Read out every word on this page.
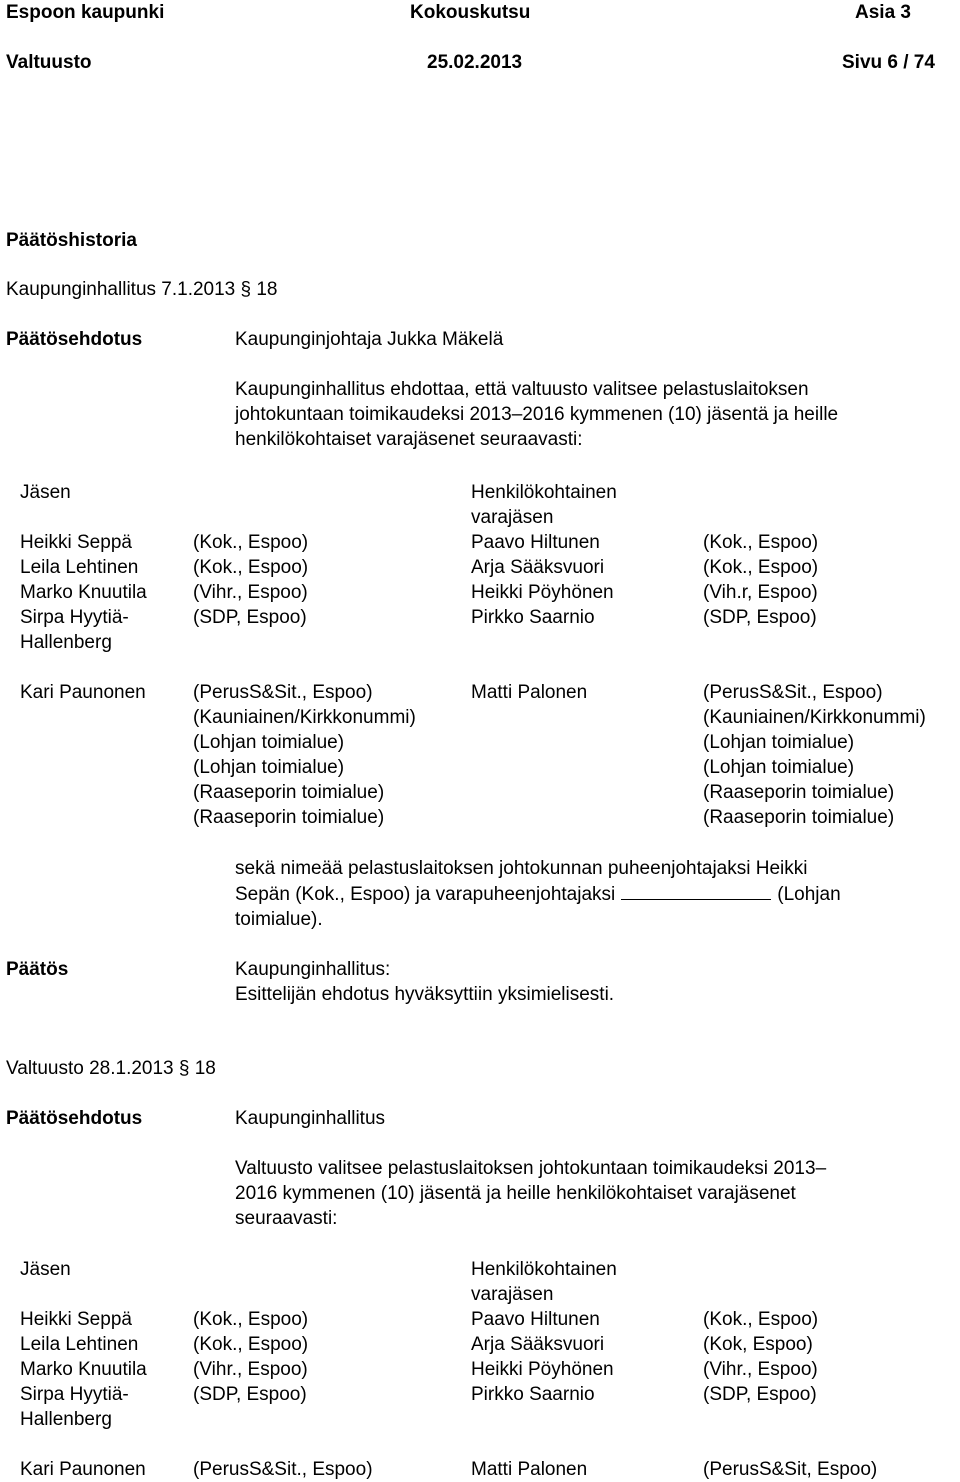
Espoon kaupunki	Kokouskutsu	Asia 3
Valtuusto	25.02.2013	Sivu 6 / 74
Päätöshistoria
Kaupunginhallitus 7.1.2013 § 18
Päätösehdotus	Kaupunginjohtaja Jukka Mäkelä
Kaupunginhallitus ehdottaa, että valtuusto valitsee pelastuslaitoksen
johtokuntaan toimikaudeksi 2013–2016 kymmenen (10) jäsentä ja heille
henkilökohtaiset varajäsenet seuraavasti:
Jäsen	Henkilökohtainen
varajäsen
Heikki Seppä	(Kok., Espoo)	Paavo Hiltunen	(Kok., Espoo)
Leila Lehtinen	(Kok., Espoo)	Arja Sääksvuori	(Kok., Espoo)
Marko Knuutila (Vihr., Espoo)	Heikki Pöyhönen	(Vih.r, Espoo)
Sirpa Hyytiä-	(SDP, Espoo)	Pirkko Saarnio	(SDP, Espoo)
Hallenberg
Kari Paunonen (PerusS&Sit., Espoo)	Matti Palonen	(PerusS&Sit., Espoo)
(Kauniainen/Kirkkonummi)	(Kauniainen/Kirkkonummi)
(Lohjan toimialue)	(Lohjan toimialue)
(Lohjan toimialue)	(Lohjan toimialue)
(Raaseporin toimialue)	(Raaseporin toimialue)
(Raaseporin toimialue)	(Raaseporin toimialue)
sekä nimeää pelastuslaitoksen johtokunnan puheenjohtajaksi Heikki
Sepän (Kok., Espoo) ja varapuheenjohtajaksi	(Lohjan
toimialue).
Päätös	Kaupunginhallitus:
Esittelijän ehdotus hyväksyttiin yksimielisesti.
Valtuusto 28.1.2013 § 18
Päätösehdotus	Kaupunginhallitus
Valtuusto valitsee pelastuslaitoksen johtokuntaan toimikaudeksi 2013–
2016 kymmenen (10) jäsentä ja heille henkilökohtaiset varajäsenet
seuraavasti:
Jäsen	Henkilökohtainen
varajäsen
Heikki Seppä	(Kok., Espoo)	Paavo Hiltunen	(Kok., Espoo)
Leila Lehtinen	(Kok., Espoo)	Arja Sääksvuori	(Kok, Espoo)
Marko Knuutila (Vihr., Espoo)	Heikki Pöyhönen	(Vihr., Espoo)
Sirpa Hyytiä-	(SDP, Espoo)	Pirkko Saarnio	(SDP, Espoo)
Hallenberg
Kari Paunonen (PerusS&Sit., Espoo)	Matti Palonen	(PerusS&Sit, Espoo)
